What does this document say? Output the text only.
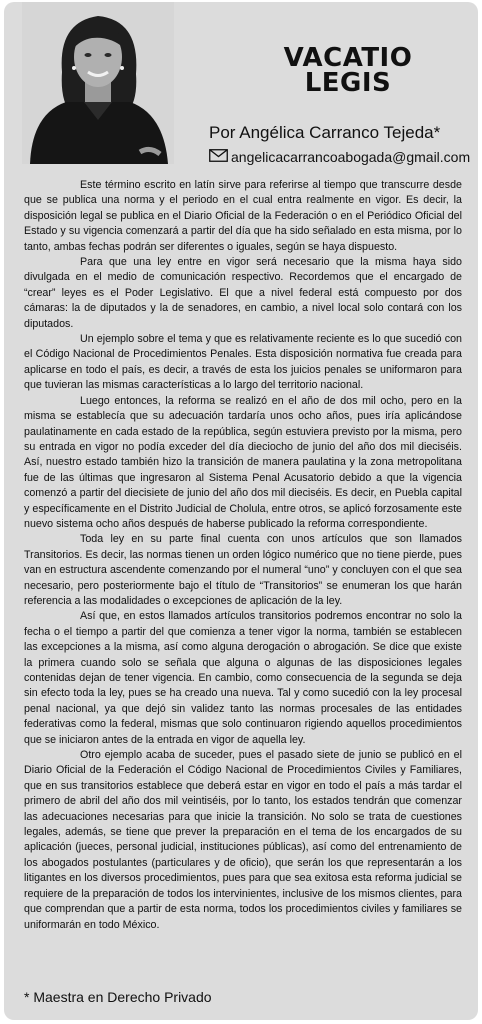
VACATIO
LEGIS
Por Angélica Carranco Tejeda*
angelicacarrancoabogada@gmail.com

Este término escrito en latín sirve para referirse al tiempo que transcurre desde que se publica una norma y el periodo en el cual entra realmente en vigor. Es decir, la disposición legal se publica en el Diario Oficial de la Federación o en el Periódico Oficial del Estado y su vigencia comenzará a partir del día que ha sido señalado en esta misma, por lo tanto, ambas fechas podrán ser diferentes o iguales, según se haya dispuesto.

Para que una ley entre en vigor será necesario que la misma haya sido divulgada en el medio de comunicación respectivo. Recordemos que el encargado de “crear” leyes es el Poder Legislativo. El que a nivel federal está compuesto por dos cámaras: la de diputados y la de senadores, en cambio, a nivel local solo contará con los diputados.

Un ejemplo sobre el tema y que es relativamente reciente es lo que sucedió con el Código Nacional de Procedimientos Penales. Esta disposición normativa fue creada para aplicarse en todo el país, es decir, a través de esta los juicios penales se uniformaron para que tuvieran las mismas características a lo largo del territorio nacional.

Luego entonces, la reforma se realizó en el año de dos mil ocho, pero en la misma se establecía que su adecuación tardaría unos ocho años, pues iría aplicándose paulatinamente en cada estado de la república, según estuviera previsto por la misma, pero su entrada en vigor no podía exceder del día dieciocho de junio del año dos mil dieciséis. Así, nuestro estado también hizo la transición de manera paulatina y la zona metropolitana fue de las últimas que ingresaron al Sistema Penal Acusatorio debido a que la vigencia comenzó a partir del diecisiete de junio del año dos mil dieciséis. Es decir, en Puebla capital y específicamente en el Distrito Judicial de Cholula, entre otros, se aplicó forzosamente este nuevo sistema ocho años después de haberse publicado la reforma correspondiente.

Toda ley en su parte final cuenta con unos artículos que son llamados Transitorios. Es decir, las normas tienen un orden lógico numérico que no tiene pierde, pues van en estructura ascendente comenzando por el numeral “uno” y concluyen con el que sea necesario, pero posteriormente bajo el título de “Transitorios” se enumeran los que harán referencia a las modalidades o excepciones de aplicación de la ley.

Así que, en estos llamados artículos transitorios podremos encontrar no solo la fecha o el tiempo a partir del que comienza a tener vigor la norma, también se establecen las excepciones a la misma, así como alguna derogación o abrogación. Se dice que existe la primera cuando solo se señala que alguna o algunas de las disposiciones legales contenidas dejan de tener vigencia. En cambio, como consecuencia de la segunda se deja sin efecto toda la ley, pues se ha creado una nueva. Tal y como sucedió con la ley procesal penal nacional, ya que dejó sin validez tanto las normas procesales de las entidades federativas como la federal, mismas que solo continuaron rigiendo aquellos procedimientos que se iniciaron antes de la entrada en vigor de aquella ley.

Otro ejemplo acaba de suceder, pues el pasado siete de junio se publicó en el Diario Oficial de la Federación el Código Nacional de Procedimientos Civiles y Familiares, que en sus transitorios establece que deberá estar en vigor en todo el país a más tardar el primero de abril del año dos mil veintiséis, por lo tanto, los estados tendrán que comenzar las adecuaciones necesarias para que inicie la transición. No solo se trata de cuestiones legales, además, se tiene que prever la preparación en el tema de los encargados de su aplicación (jueces, personal judicial, instituciones públicas), así como del entrenamiento de los abogados postulantes (particulares y de oficio), que serán los que representarán a los litigantes en los diversos procedimientos, pues para que sea exitosa esta reforma judicial se requiere de la preparación de todos los intervinientes, inclusive de los mismos clientes, para que comprendan que a partir de esta norma, todos los procedimientos civiles y familiares se uniformarán en todo México.

* Maestra en Derecho Privado
